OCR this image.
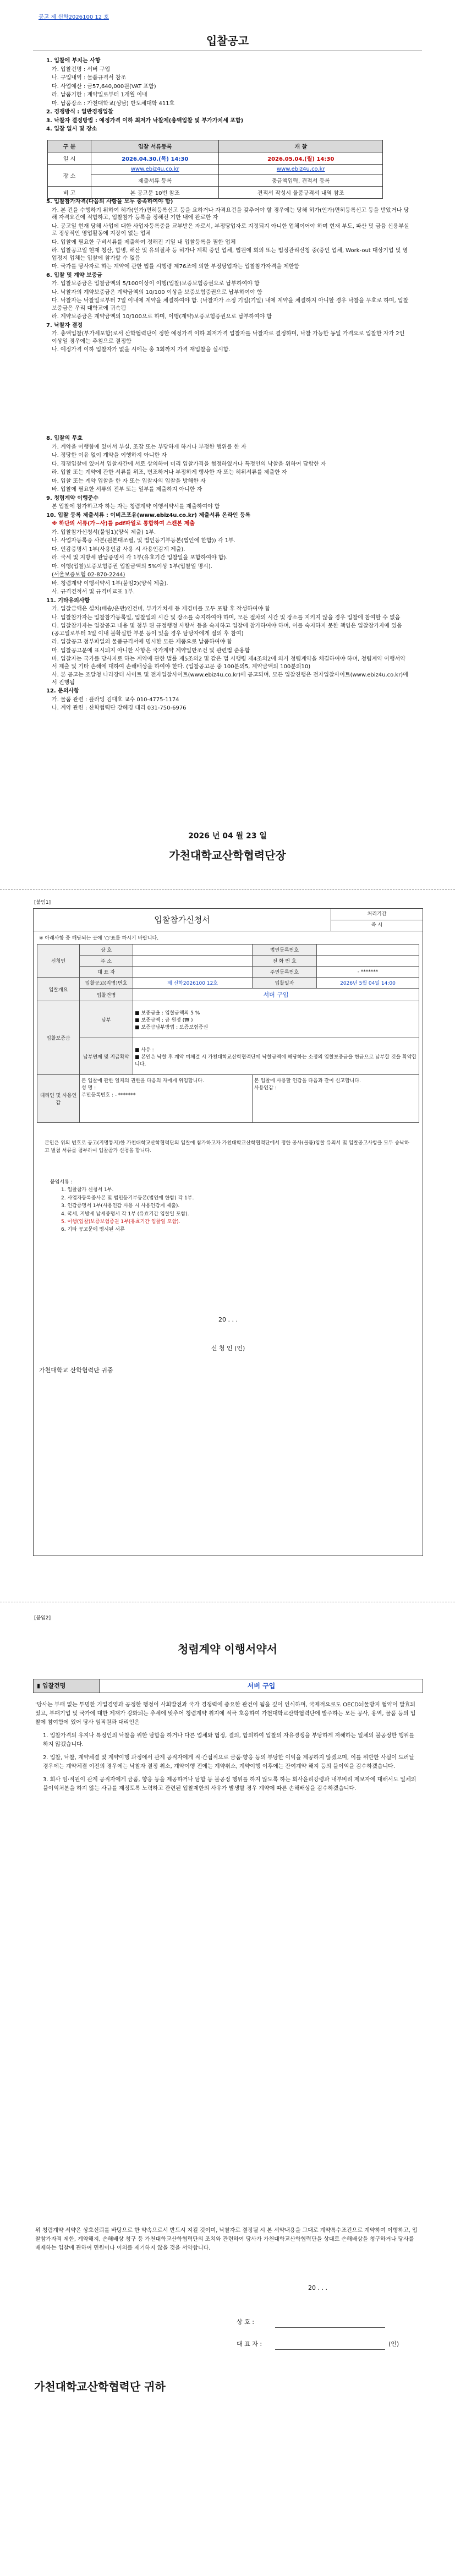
공고 제 신학2026100 12 호
입찰공고
1. 입찰에 부치는 사항
가. 입찰건명 : 서버 구입
나. 구입내역 : 물품규격서 참조
다. 사업예산 : 금57,640,000원(VAT 포함)
라. 납품기한 : 계약일로부터 1개월 이내
마. 납품장소 : 가천대학교(성남) 반도체대학 411호
2. 경쟁방식 : 일반경쟁입찰
3. 낙찰자 결정방법 : 예정가격 이하 최저가 낙찰제(총액입찰 및 부가가치세 포함)
4. 입찰 일시 및 장소
구 분	입찰 서류등록	개 찰
일 시	2026.04.30.(목) 14:30	2026.05.04.(월) 14:30
장 소	www.ebiz4u.co.kr	www.ebiz4u.co.kr
	제출서류 등록	충금액입력, 견적서 등록
비 고	본 공고문 10번 참조	견적서 작성시 물품규격서 내역 참조
5. 입찰참가자격(다음의 사항을 모두 충족하여야 함)
가. 본 건을 수행하기 위하여 허가(인가)면허등록신고 등을 요하거나 자격요건을 갖추어야 할 경우에는 당해 허가(인가)면허등록신고 등을 받았거나 당해 자격요건에 적합하고, 입찰참가 등록을 정해진 기한 내에 완료한 자
나. 공고일 현재 당해 사업에 대한 사업자등록증을 교부받은 자로서, 부정당업자로 지정되지 아니한 업체이어야 하며 현재 부도, 파산 및 금융 신용부실로 정상적인 영업활동에 지장이 없는 업체
다. 입찰에 필요한 구비서류를 제출하여 정해진 기일 내 입찰등록을 필한 업체
라. 입찰공고일 현재 청산, 합병, 해산 및 유의절차 등 허가나 계획 중인 업체, 법원에 회의 또는 법정관리신청 중(중인 업체, Work-out 대상기업 및 영업정지 업체는 입찰에 참가할 수 없음
마. 국가를 당사자로 하는 계약에 관한 법률 시행령 제76조에 의한 부정당업자는 입찰참가자격을 제한함
6. 입찰 및 계약 보증금
가. 입찰보증금은 입찰금액의 5/100이상이 이행(입찰)보증보험증권으로 납부하여야 함
나. 낙찰자의 계약보증금은 계약금액의 10/100 이상을 보증보험증권으로 납부하여야 함
다. 낙찰자는 낙찰일로부터 7일 이내에 계약을 체결하여야 함. (낙찰자가 소정 기일(기일) 내에 계약을 체결하지 아니할 경우 낙찰을 무효로 하며, 입찰보증금은 우리 대학교에 귀속됨
라. 계약보증금은 계약금액의 10/100으로 하며, 이행(계약)보증보험증권으로 납부하여야 함
7. 낙찰자 결정
가. 총액입찰(부가세포함)로서 산학협력단이 정한 예정가격 이하 최저가격 업찰자를 낙찰자로 결정하며, 낙찰 가능한 동일 가격으로 입찰한 자가 2인 이상일 경우에는 추첨으로 결정함
나. 예정가격 이하 입찰자가 없을 시에는 총 3회까지 가격 재입찰을 실시함.
8. 입찰의 무효
가. 계약을 이행함에 있어서 부실, 조잡 또는 부당하게 하거나 부정한 행위를 한 자
나. 정당한 이유 없이 계약을 이행하지 아니한 자
다. 경쟁입찰에 있어서 입찰자간에 서로 상의하여 미리 입찰가격을 협정하였거나 특정인의 낙찰을 위하여 담합한 자
라. 입찰 또는 계약에 관한 서류를 위조, 변조하거나 부정하게 행사한 자 또는 허위서류를 제출한 자
마. 입찰 또는 계약 입찰을 한 자 또는 입찰자의 입찰을 방해한 자
바. 입찰에 필요한 서류의 전부 또는 일부를 제출하지 아니한 자
9. 청렴계약 이행준수
본 입찰에 참가하고자 하는 자는 청렴계약 이행서약서를 제출하여야 함
10. 입찰 등록 제출서류 : 이비즈포유(www.ebiz4u.co.kr) 제출서류 온라인 등록
※ 하단의 서류(가~사)를 pdf파일로 통합하여 스캔본 제출
가. 입찰참가신청서(붙임1)(양식 제출) 1부.
나. 사업자등록증 사본(원본대조필, 및 법인등기부등본(법인에 한함)) 각 1부.
다. 인감증명서 1부(사용인감 사용 시 사용인감계 제출).
라. 국세 및 지방세 완납증명서 각 1부(유효기간 입찰일을 포함하여야 함).
마. 이행(입찰)보증보험증권 입찰금액의 5%이상 1부(입찰일 명시).
(서울보증보험 02-870-2244)
바. 청렴계약 이행서약서 1부(붙임2)(양식 제출).
사. 규격견적서 및 규격비교표 1부.
11. 기타유의사항
가. 입찰금액은 설치(배송/운반)인건비, 부가가치세 등 제경비를 모두 포함 후 작성하여야 함
나. 입찰참가자는 입찰참가등록일, 입찰일의 시간 및 장소를 숙지하여야 하며, 모든 절차의 시간 및 장소를 지키지 않을 경우 입찰에 참여할 수 없음
다. 입찰참가자는 입찰공고 내용 및 첨부 된 규정행정 사항서 등을 숙지하고 입찰에 참가하여야 하며, 이를 숙지하지 못한 책임은 입찰참가자에 있음(공고일로부터 3일 이내 불확실한 부분 등이 있을 경우 담당자에게 질의 후 참여)
라. 입찰공고 첨부파일의 물품규격서에 명시한 모든 제품으로 납품하여야 함
마. 입찰공고문에 표시되지 아니한 사항은 국가계약 계약일반조건 및 관련법 준용함
바. 입찰자는 국가를 당사자로 하는 계약에 관한 법률 제5조의2 및 같은 법 시행령 제4조의2에 의거 청렴계약을 체결하여야 하며, 청렴계약 이행서약서 제출 및 기타 손해에 대하여 손해배상을 하여야 한다. (입찰공고문 중 100분의5, 계약금액의 100분의10)
사. 본 공고는 조달청 나라장터 사이트 및 전자입찰사이트(www.ebiz4u.co.kr)에 공고되며, 모든 입찰진행은 전자입찰사이트(www.ebiz4u.co.kr)에서 진행됨
12. 문의사항
가. 물품 관련 : 플라잉 김대호 교수 010-4775-1174
나. 계약 관련 : 산학협력단 강혜경 대리 031-750-6976
2026 년 04 월 23 일
가천대학교산학협력단장
[붙임1]
입찰참가신청서
처리기간
즉 시
※ 아래사항 중 해당되는 곳에 '○'표를 하시기 바랍니다.
신청인	상 호		법인등록번호	
	주 소		전 화 번 호	
	대 표 자		주민등록번호	- *******
입찰개요	입찰공고(지명)번호	제 신학2026100 12호	입찰일자	2026년 5월 04일 14:00
	입찰건명	서버 구입		
입찰보증금	납부	■ 보증금율 : 입찰금액의 5 %
■ 보증금액 : 금 원정 (₩ )
■ 보증금납부방법 : 보증보험증권		
	납부면제 및 지급확약	■ 사유 :
■ 본인은 낙찰 후 계약 미체결 시 가천대학교산학협력단에 낙찰금액에 해당하는 소정의 입찰보증금을 현금으로 납부할 것을 확약합니다.		
대리인 및 사용인감	본 입찰에 관한 일체의 권한을 다음의 자에게 위임합니다.
성 명 :
주민등록번호 : - *******		본 입찰에 사용할 인감을 다음과 같이 신고합니다.
사용인감 :	
본인은 위의 번호로 공고(지명통지)한 가천대학교산학협력단의 입찰에 참가하고자 가천대학교산학협력단에서 정한 공사(물품)입찰 유의서 및 입찰공고사항을 모두 승낙하고 별첨 서류를 첨부하여 입찰참가 신청을 합니다.
붙임서류 :
1. 입찰참가 신청서 1부.
2. 사업자등록증사본 및 법인등기부등본(법인에 한함) 각 1부.
3. 인감증명서 1부(사용인감 사용 시 사용인감계 제출).
4. 국세, 지방세 납세증명서 각 1부 (유효기간 입찰일 포함).
5. 이행(입찰)보증보험증권 1부(유효기간 입찰일 포함).
6. 기타 공고문에 명시된 서류
20 . . .
신 청 인 (인)
가천대학교 산학협력단 귀중
[붙임2]
청렴계약 이행서약서
▮ 입찰건명	서버 구입
'당사는 부패 없는 투명한 기업경영과 공정한 행정이 사회발전과 국가 경쟁력에 중요한 관건이 됨을 깊이 인식하며, 국제적으로도 OECD뇌물방지 협약이 발효되었고, 부패기업 및 국가에 대한 제재가 강화되는 추세에 맞추어 청렴계약 취지에 적극 호응하여 가천대학교산학협력단에 발주하는 모든 공사, 용역, 물품 등의 입찰에 참여함에 있어 당사 임직원과 대리인은
1. 입찰가격의 유지나 특정인의 낙찰을 위한 담합을 하거나 다른 업체와 협정, 결의, 합의하여 입찰의 자유경쟁을 부당하게 저해하는 일체의 불공정한 행위를 하지 않겠습니다.
2. 입찰, 낙찰, 계약체결 및 계약이행 과정에서 관계 공직자에게 직·간접적으로 금품·향응 등의 부당한 이익을 제공하지 않겠으며, 이를 위반한 사실이 드러날 경우에는 계약체결 이전의 경우에는 낙찰자 결정 취소, 계약이행 전에는 계약취소, 계약이행 이후에는 잔여계약 해지 등의 불이익을 감수하겠습니다.
3. 회사 임·직원이 관계 공직자에게 금품, 향응 등을 제공하거나 담합 등 불공정 행위를 하지 않도록 하는 회사윤리강령과 내부비리 제보자에 대해서도 일체의 불이익처분을 하지 않는 사규를 제정토록 노력하고 관련된 입찰제한의 사유가 발생할 경우 계약에 따른 손해배상을 감수하겠습니다.
위 청렴계약 서약은 상호신뢰를 바탕으로 한 약속으로서 반드시 지킬 것이며, 낙찰자로 결정될 시 본 서약내용을 그대로 계약특수조건으로 계약하여 이행하고, 입찰참가자격 제한, 계약해지, 손해배상 청구 등 가천대학교산학협력단의 조치와 관련하여 당사가 가천대학교산학협력단을 상대로 손해배상을 청구하거나 당사를 배제하는 입찰에 관하여 민원이나 이의를 제기하지 않을 것을 서약합니다.
20 . . .
상 호 :
대 표 자 :	(인)
가천대학교산학협력단 귀하
